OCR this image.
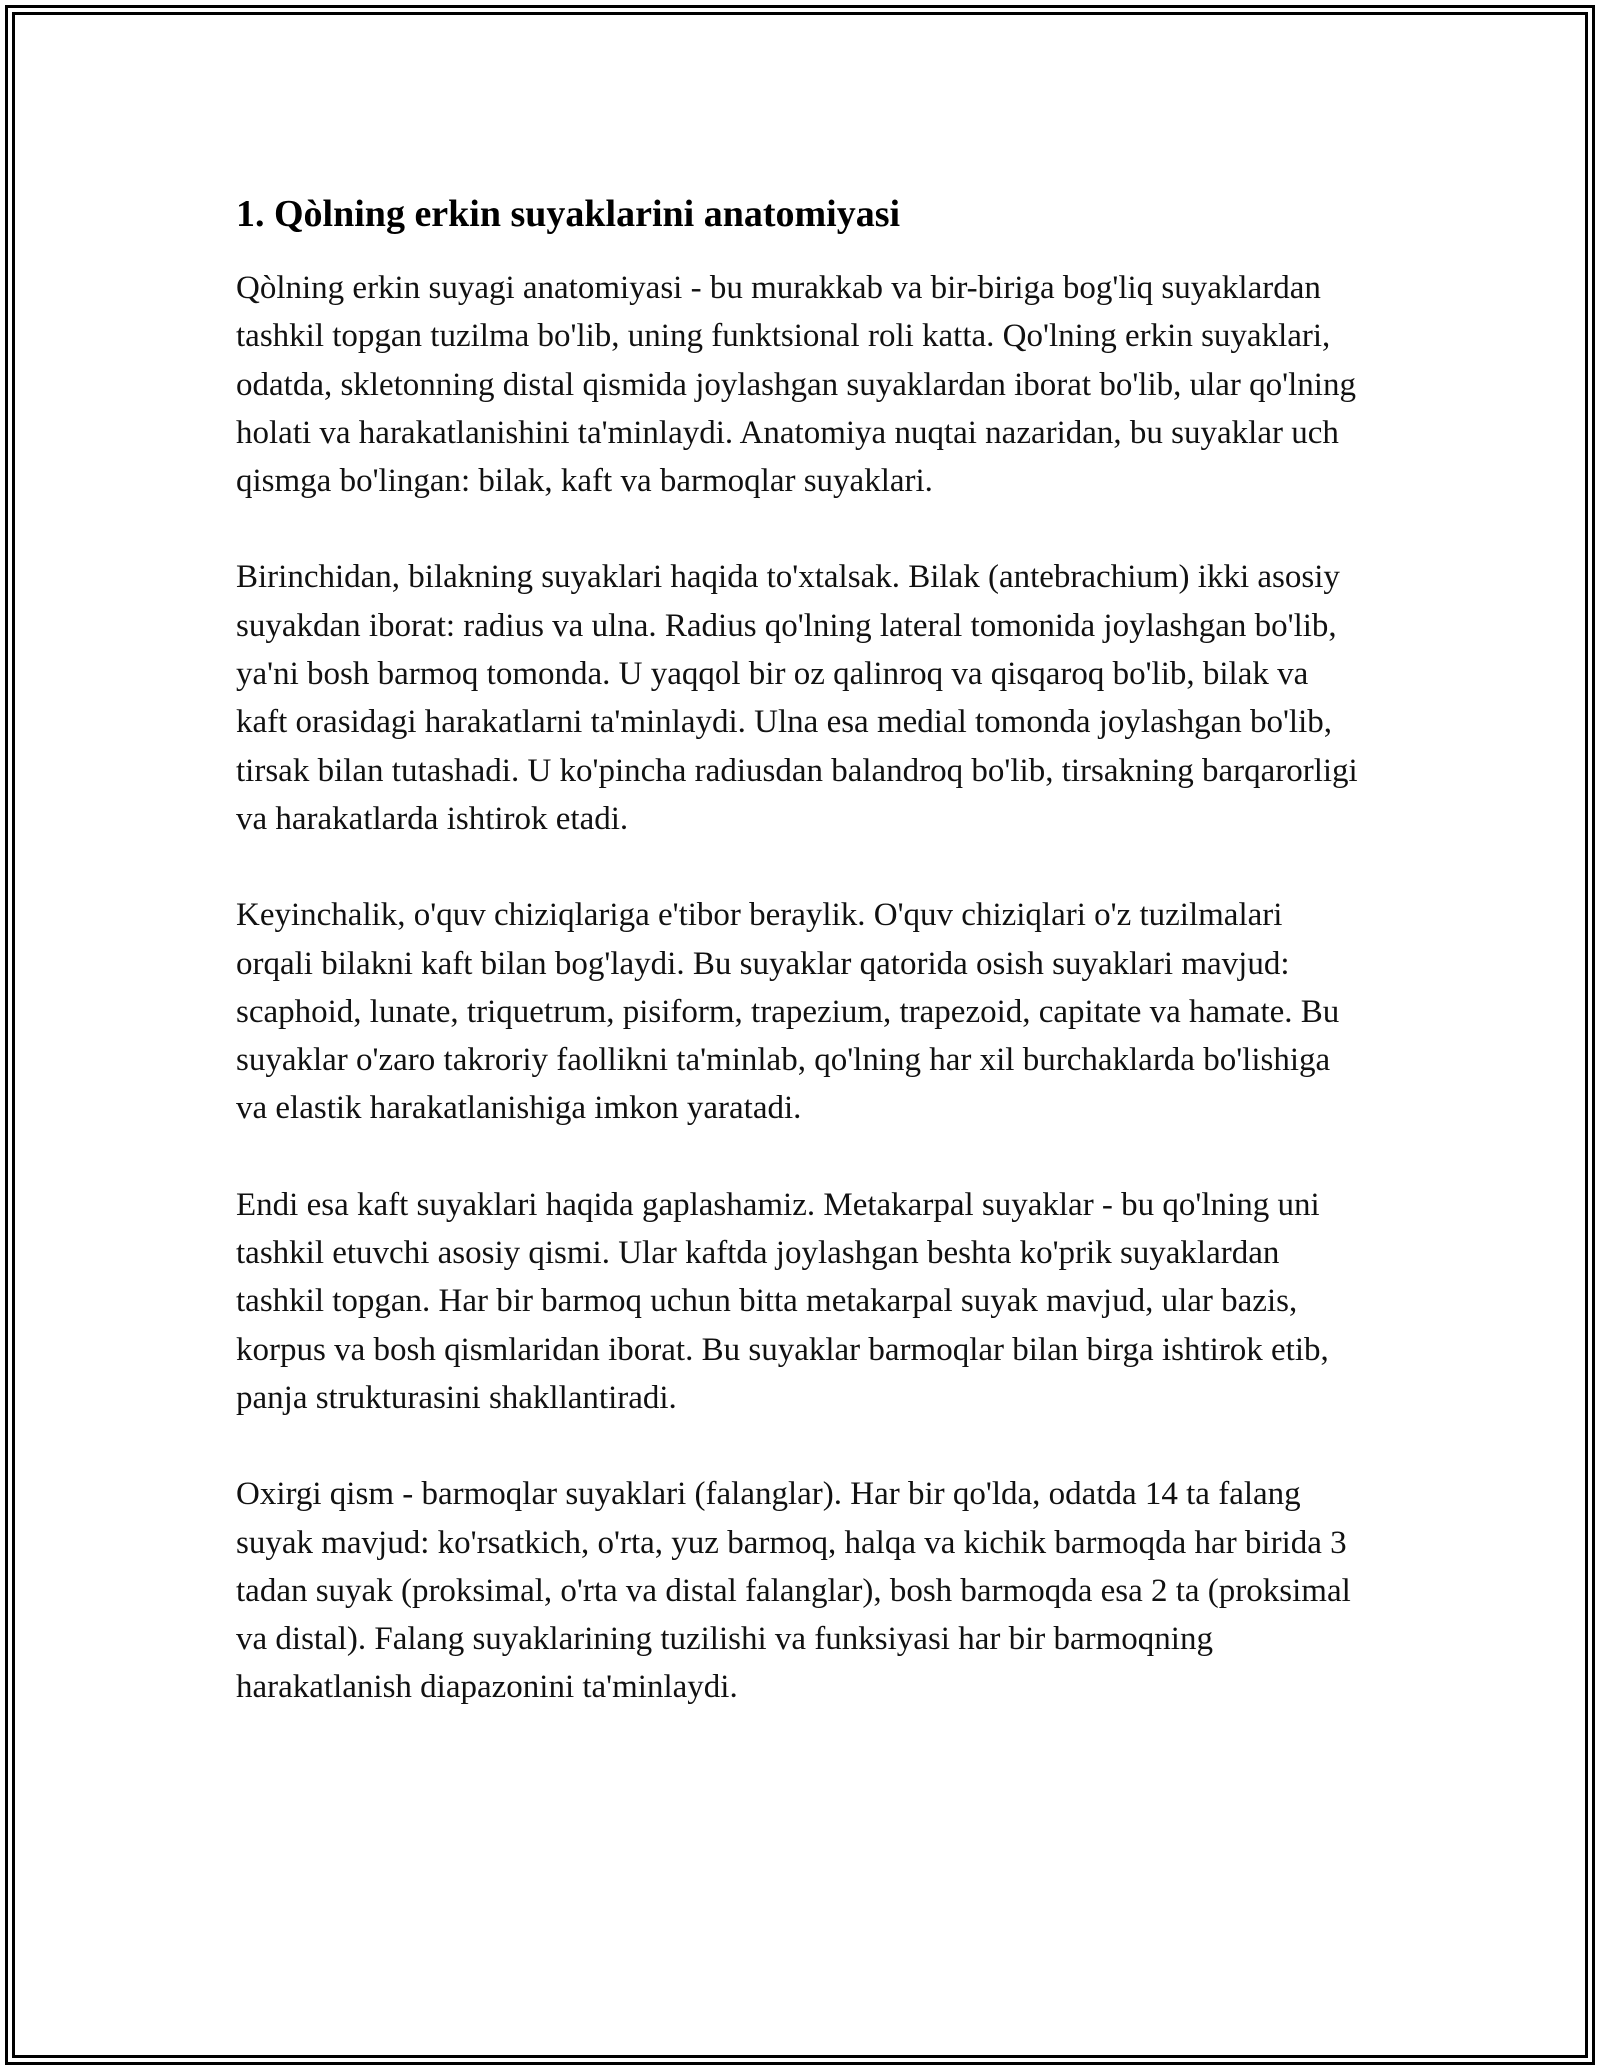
1. Qòlning erkin suyaklarini anatomiyasi

Qòlning erkin suyagi anatomiyasi - bu murakkab va bir-biriga bog'liq suyaklardan tashkil topgan tuzilma bo'lib, uning funktsional roli katta. Qo'lning erkin suyaklari, odatda, skletonning distal qismida joylashgan suyaklardan iborat bo'lib, ular qo'lning holati va harakatlanishini ta'minlaydi. Anatomiya nuqtai nazaridan, bu suyaklar uch qismga bo'lingan: bilak, kaft va barmoqlar suyaklari.

Birinchidan, bilakning suyaklari haqida to'xtalsak. Bilak (antebrachium) ikki asosiy suyakdan iborat: radius va ulna. Radius qo'lning lateral tomonida joylashgan bo'lib, ya'ni bosh barmoq tomonda. U yaqqol bir oz qalinroq va qisqaroq bo'lib, bilak va kaft orasidagi harakatlarni ta'minlaydi. Ulna esa medial tomonda joylashgan bo'lib, tirsak bilan tutashadi. U ko'pincha radiusdan balandroq bo'lib, tirsakning barqarorligi va harakatlarda ishtirok etadi.

Keyinchalik, o'quv chiziqlariga e'tibor beraylik. O'quv chiziqlari o'z tuzilmalari orqali bilakni kaft bilan bog'laydi. Bu suyaklar qatorida osish suyaklari mavjud: scaphoid, lunate, triquetrum, pisiform, trapezium, trapezoid, capitate va hamate. Bu suyaklar o'zaro takroriy faollikni ta'minlab, qo'lning har xil burchaklarda bo'lishiga va elastik harakatlanishiga imkon yaratadi.

Endi esa kaft suyaklari haqida gaplashamiz. Metakarpal suyaklar - bu qo'lning uni tashkil etuvchi asosiy qismi. Ular kaftda joylashgan beshta ko'prik suyaklardan tashkil topgan. Har bir barmoq uchun bitta metakarpal suyak mavjud, ular bazis, korpus va bosh qismlaridan iborat. Bu suyaklar barmoqlar bilan birga ishtirok etib, panja strukturasini shakllantiradi.

Oxirgi qism - barmoqlar suyaklari (falanglar). Har bir qo'lda, odatda 14 ta falang suyak mavjud: ko'rsatkich, o'rta, yuz barmoq, halqa va kichik barmoqda har birida 3 tadan suyak (proksimal, o'rta va distal falanglar), bosh barmoqda esa 2 ta (proksimal va distal). Falang suyaklarining tuzilishi va funksiyasi har bir barmoqning harakatlanish diapazonini ta'minlaydi.
